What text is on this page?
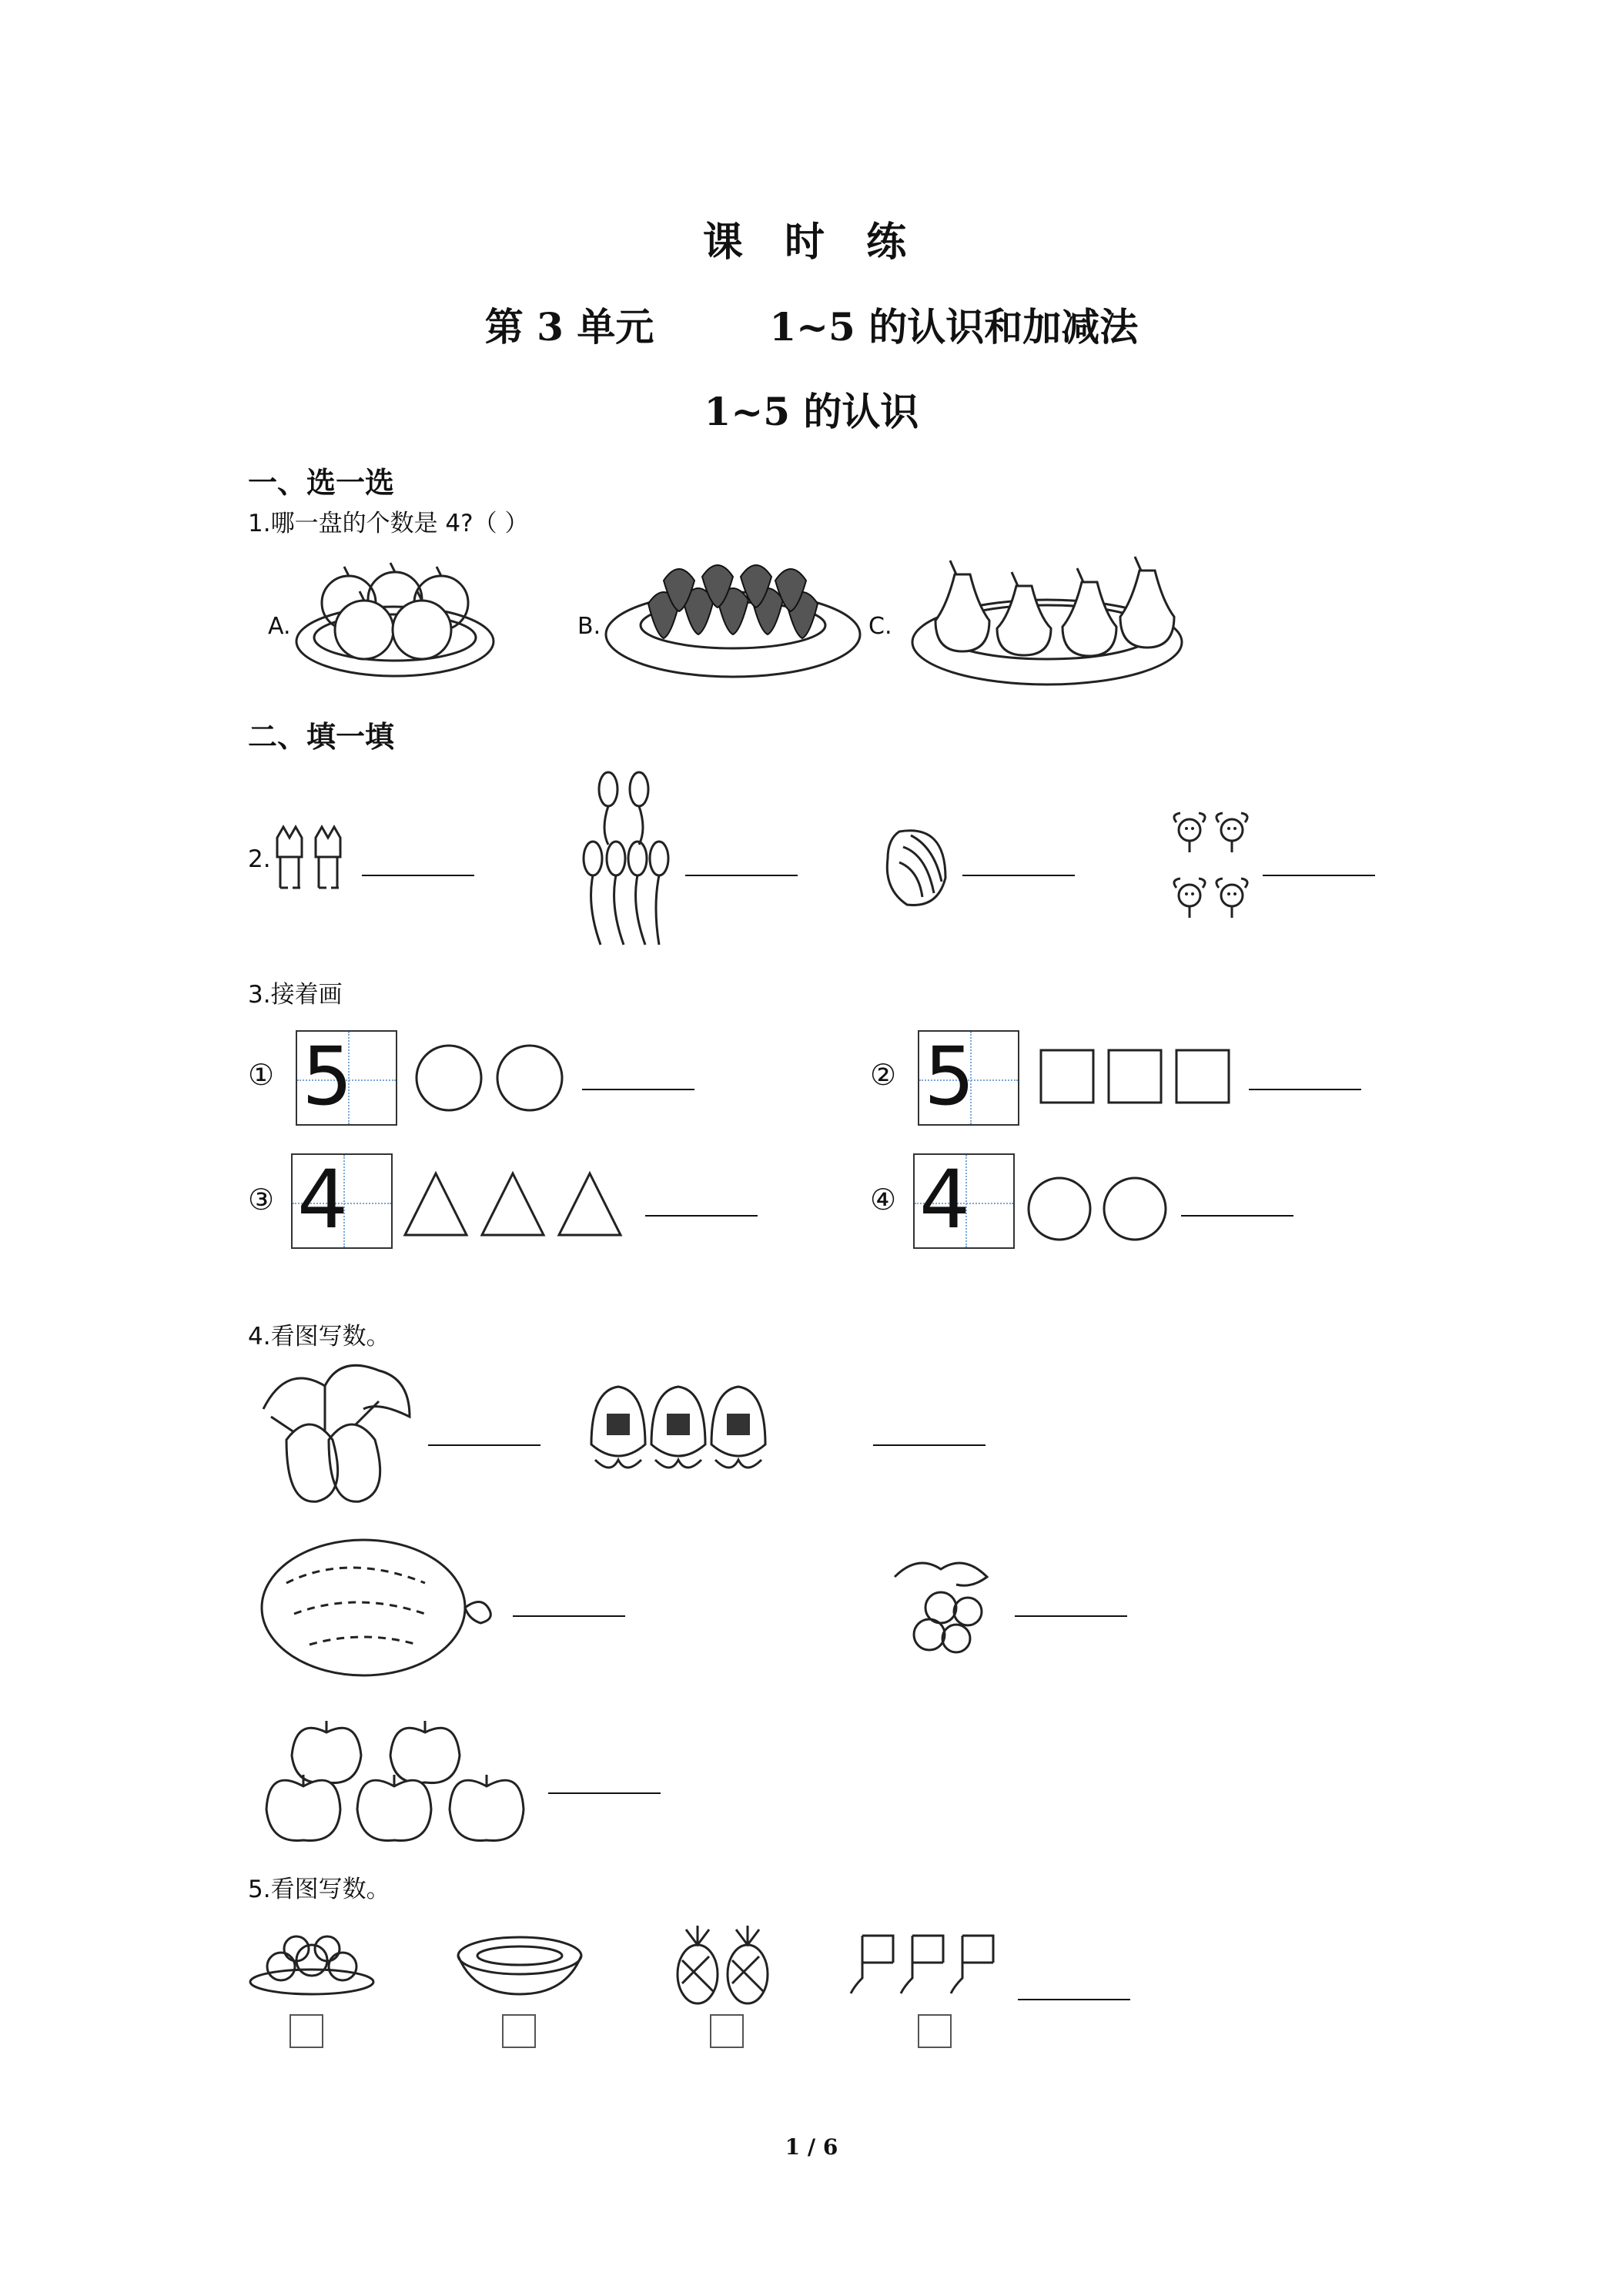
课 时 练
第 3 单元	1~5 的认识和加减法
1~5 的认识
一、选一选
1.哪一盘的个数是 4?（ ）
A.	B.	C.
二、填一填
2.
3.接着画
① 5	② 5
③ 4	④ 4
4.看图写数。
5.看图写数。
1 / 6
